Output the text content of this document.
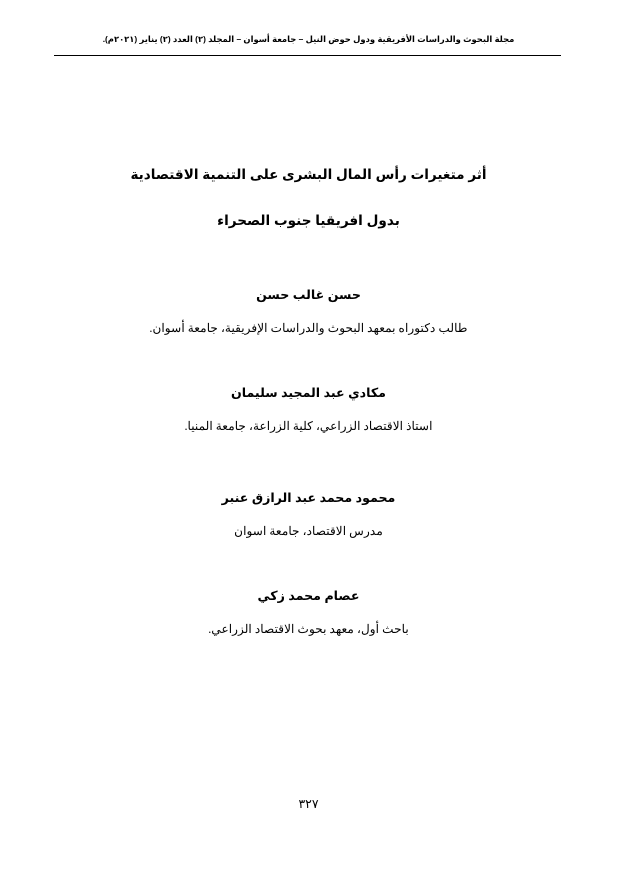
مجلة البحوث والدراسات الأفريقية ودول حوض النيل – جامعة أسوان – المجلد (٢) العدد (٢) يناير (٢٠٢١م).

أثر متغيرات رأس المال البشرى على التنمية الاقتصادية

بدول افريقيا جنوب الصحراء

حسن غالب حسن

طالب دكتوراه بمعهد البحوث والدراسات الإفريقية، جامعة أسوان.

مكادي عبد المجيد سليمان

استاذ الاقتصاد الزراعي، كلية الزراعة، جامعة المنيا.

محمود محمد عبد الرازق عنبر

مدرس الاقتصاد، جامعة اسوان

عصام محمد زكي

باحث أول، معهد بحوث الاقتصاد الزراعي.

٣٢٧
